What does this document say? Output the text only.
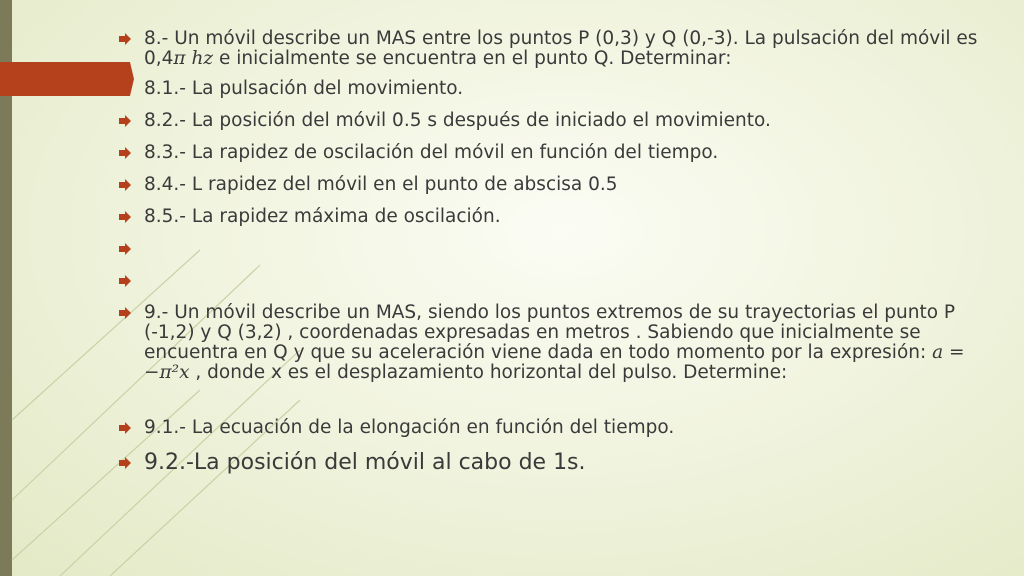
8.- Un móvil describe un MAS entre los puntos P (0,3) y Q (0,-3). La pulsación del móvil es 0,4π hz e inicialmente se encuentra en el punto Q. Determinar:
8.1.- La pulsación del movimiento.
8.2.- La posición del móvil 0.5 s después de iniciado el movimiento.
8.3.- La rapidez de oscilación del móvil en función del tiempo.
8.4.- L rapidez del móvil en el punto de abscisa 0.5
8.5.- La rapidez máxima de oscilación.
9.- Un móvil describe un MAS, siendo los puntos extremos de su trayectorias el punto P (-1,2) y Q (3,2) , coordenadas expresadas en metros . Sabiendo que inicialmente se encuentra en Q y que su aceleración viene dada en todo momento por la expresión: a = −π²x , donde x es el desplazamiento horizontal del pulso. Determine:
9.1.- La ecuación de la elongación en función del tiempo.
9.2.-La posición del móvil al cabo de 1s.
